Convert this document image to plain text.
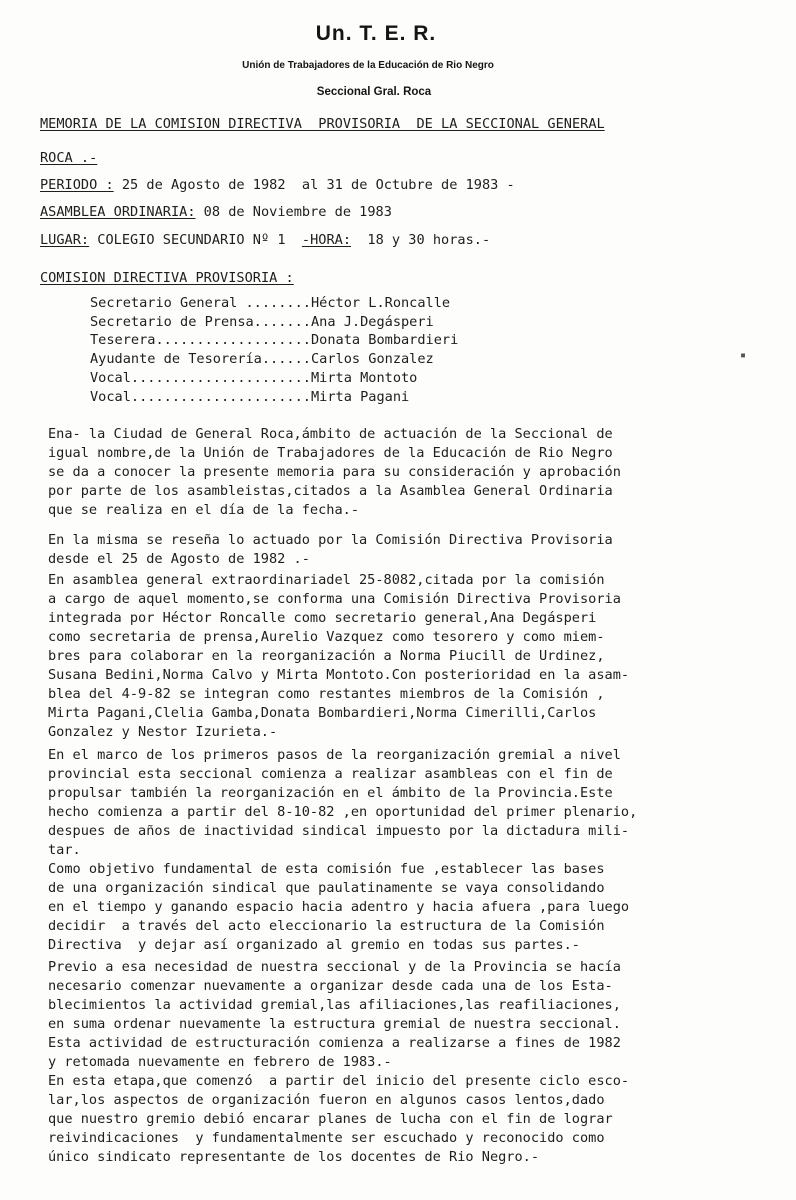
Un. T. E. R.
Unión de Trabajadores de la Educación de Rio Negro
Seccional Gral. Roca
MEMORIA DE LA COMISION DIRECTIVA  PROVISORIA  DE LA SECCIONAL GENERAL
ROCA .-
PERIODO : 25 de Agosto de 1982  al 31 de Octubre de 1983 -
ASAMBLEA ORDINARIA: 08 de Noviembre de 1983
LUGAR: COLEGIO SECUNDARIO Nº 1  -HORA:  18 y 30 horas.-
COMISION DIRECTIVA PROVISORIA :
Secretario General ........Héctor L.Roncalle
Secretario de Prensa.......Ana J.Degásperi
Teserera...................Donata Bombardieri
Ayudante de Tesorería......Carlos Gonzalez
Vocal......................Mirta Montoto
Vocal......................Mirta Pagani
Ena- la Ciudad de General Roca,ámbito de actuación de la Seccional de
igual nombre,de la Unión de Trabajadores de la Educación de Rio Negro
se da a conocer la presente memoria para su consideración y aprobación
por parte de los asambleistas,citados a la Asamblea General Ordinaria
que se realiza en el día de la fecha.-
En la misma se reseña lo actuado por la Comisión Directiva Provisoria
desde el 25 de Agosto de 1982 .-
En asamblea general extraordinariadel 25-8082,citada por la comisión
a cargo de aquel momento,se conforma una Comisión Directiva Provisoria
integrada por Héctor Roncalle como secretario general,Ana Degásperi
como secretaria de prensa,Aurelio Vazquez como tesorero y como miem-
bres para colaborar en la reorganización a Norma Piucill de Urdinez,
Susana Bedini,Norma Calvo y Mirta Montoto.Con posterioridad en la asam-
blea del 4-9-82 se integran como restantes miembros de la Comisión ,
Mirta Pagani,Clelia Gamba,Donata Bombardieri,Norma Cimerilli,Carlos
Gonzalez y Nestor Izurieta.-
En el marco de los primeros pasos de la reorganización gremial a nivel
provincial esta seccional comienza a realizar asambleas con el fin de
propulsar también la reorganización en el ámbito de la Provincia.Este
hecho comienza a partir del 8-10-82 ,en oportunidad del primer plenario,
despues de años de inactividad sindical impuesto por la dictadura mili-
tar.
Como objetivo fundamental de esta comisión fue ,establecer las bases
de una organización sindical que paulatinamente se vaya consolidando
en el tiempo y ganando espacio hacia adentro y hacia afuera ,para luego
decidir  a través del acto eleccionario la estructura de la Comisión
Directiva  y dejar así organizado al gremio en todas sus partes.-
Previo a esa necesidad de nuestra seccional y de la Provincia se hacía
necesario comenzar nuevamente a organizar desde cada una de los Esta-
blecimientos la actividad gremial,las afiliaciones,las reafiliaciones,
en suma ordenar nuevamente la estructura gremial de nuestra seccional.
Esta actividad de estructuración comienza a realizarse a fines de 1982
y retomada nuevamente en febrero de 1983.-
En esta etapa,que comenzó  a partir del inicio del presente ciclo esco-
lar,los aspectos de organización fueron en algunos casos lentos,dado
que nuestro gremio debió encarar planes de lucha con el fin de lograr
reivindicaciones  y fundamentalmente ser escuchado y reconocido como
único sindicato representante de los docentes de Rio Negro.-
▪
